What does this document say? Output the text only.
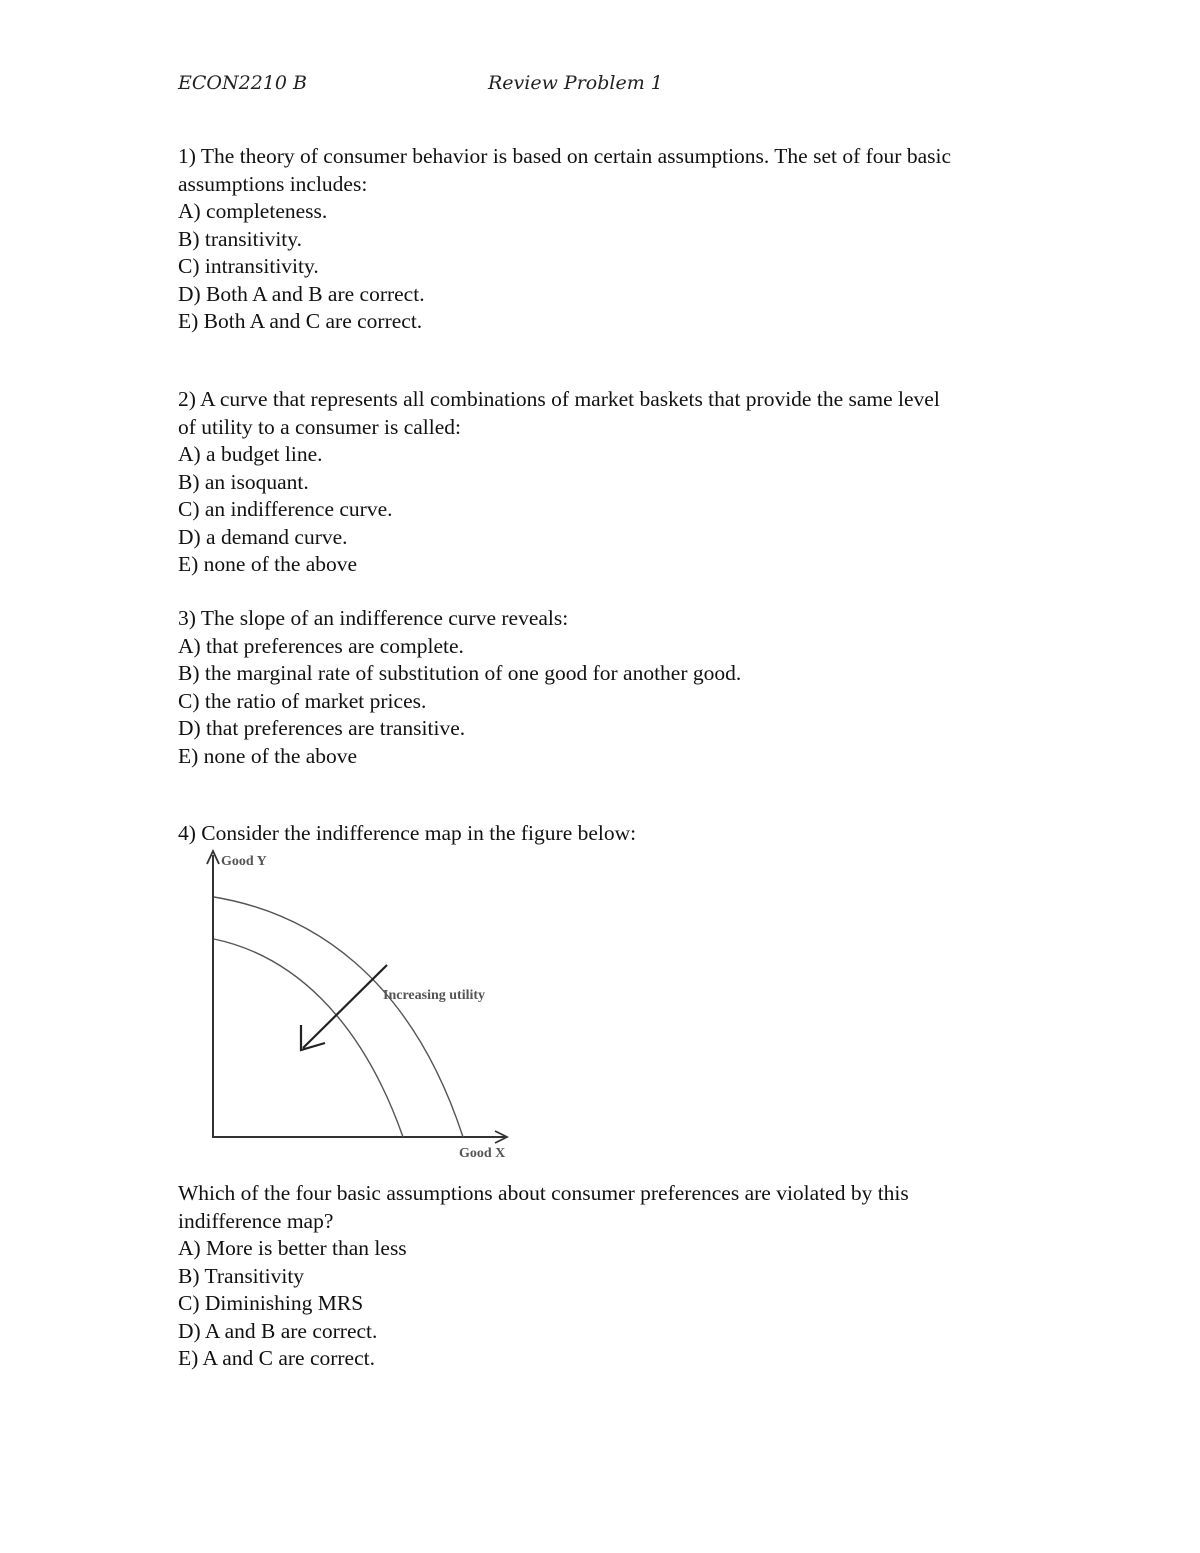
ECON2210 B	Review Problem 1

1) The theory of consumer behavior is based on certain assumptions. The set of four basic

assumptions includes:

A) completeness.
B) transitivity.
C) intransitivity.
D) Both A and B are correct.
E) Both A and C are correct.

2) A curve that represents all combinations of market baskets that provide the same level

of utility to a consumer is called:

A) a budget line.
B) an isoquant.
C) an indifference curve.
D) a demand curve.
E) none of the above

3) The slope of an indifference curve reveals:

A) that preferences are complete.
B) the marginal rate of substitution of one good for another good.
C) the ratio of market prices.
D) that preferences are transitive.
E) none of the above

4) Consider the indifference map in the figure below:

Good Y
Good X
Increasing utility

Which of the four basic assumptions about consumer preferences are violated by this

indifference map?

A) More is better than less
B) Transitivity
C) Diminishing MRS
D) A and B are correct.
E) A and C are correct.
